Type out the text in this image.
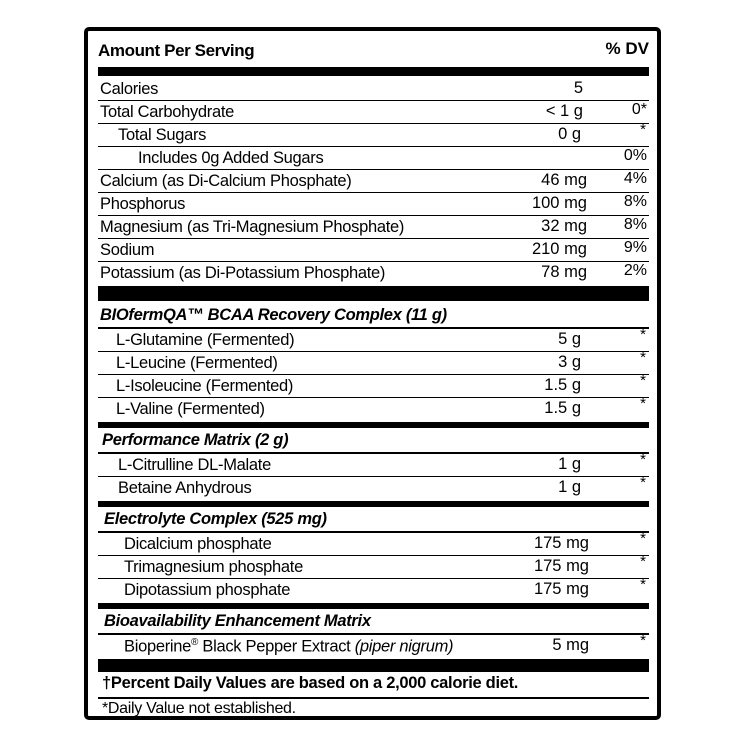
Amount Per Serving	% DV
Calories	5
Total Carbohydrate	< 1 g	0*
Total Sugars	0 g	*
Includes 0g Added Sugars	0%
Calcium (as Di-Calcium Phosphate)	46 mg 4%
Phosphorus	100 mg 8%
Magnesium (as Tri-Magnesium Phosphate)	32 mg 8%
Sodium	210 mg 9%
Potassium (as Di-Potassium Phosphate)	78 mg 2%
BIOfermQA™ BCAA Recovery Complex (11 g)
L-Glutamine (Fermented)	5 g	*
L-Leucine (Fermented)	3 g	*
L-Isoleucine (Fermented)	1.5 g	*
L-Valine (Fermented)	1.5 g	*
Performance Matrix (2 g)
L-Citrulline DL-Malate	1 g	*
Betaine Anhydrous	1 g	*
Electrolyte Complex (525 mg)
Dicalcium phosphate	175 mg	*
Trimagnesium phosphate	175 mg	*
Dipotassium phosphate	175 mg	*
Bioavailability Enhancement Matrix
Bioperine® Black Pepper Extract (piper nigrum)	5 mg	*
†Percent Daily Values are based on a 2,000 calorie diet.
*Daily Value not established.
